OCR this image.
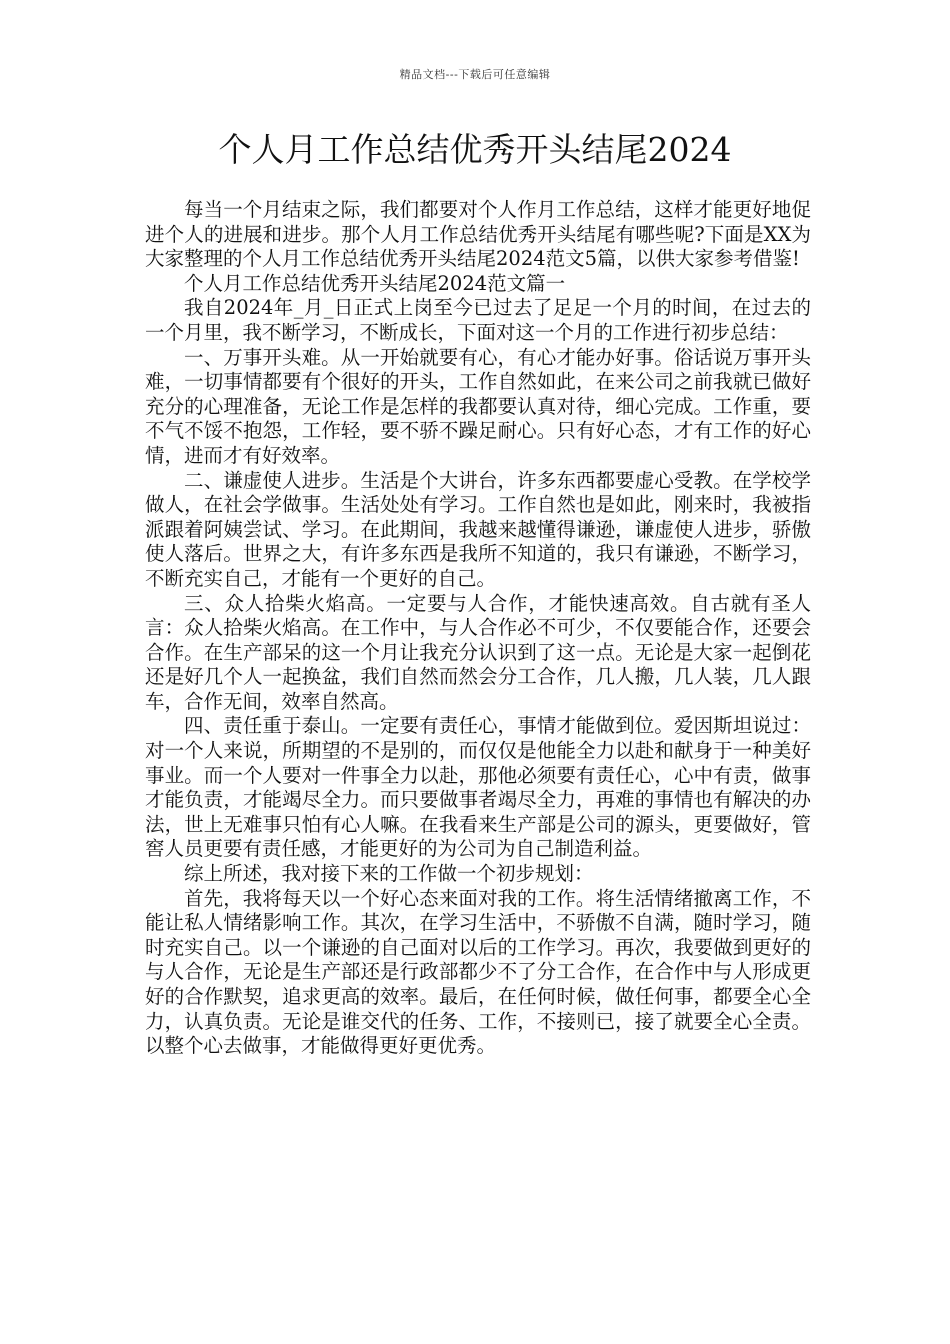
精品文档---下载后可任意编辑
个人月工作总结优秀开头结尾2024

每当一个月结束之际，我们都要对个人作月工作总结，这样才能更好地促进个人的进展和进步。那个人月工作总结优秀开头结尾有哪些呢?下面是XX为大家整理的个人月工作总结优秀开头结尾2024范文5篇，以供大家参考借鉴!

个人月工作总结优秀开头结尾2024范文篇一

我自2024年_月_日正式上岗至今已过去了足足一个月的时间，在过去的一个月里，我不断学习，不断成长，下面对这一个月的工作进行初步总结：

一、万事开头难。从一开始就要有心，有心才能办好事。俗话说万事开头难，一切事情都要有个很好的开头，工作自然如此，在来公司之前我就已做好充分的心理准备，无论工作是怎样的我都要认真对待，细心完成。工作重，要不气不馁不抱怨，工作轻，要不骄不躁足耐心。只有好心态，才有工作的好心情，进而才有好效率。

二、谦虚使人进步。生活是个大讲台，许多东西都要虚心受教。在学校学做人，在社会学做事。生活处处有学习。工作自然也是如此，刚来时，我被指派跟着阿姨尝试、学习。在此期间，我越来越懂得谦逊，谦虚使人进步，骄傲使人落后。世界之大，有许多东西是我所不知道的，我只有谦逊，不断学习，不断充实自己，才能有一个更好的自己。

三、众人拾柴火焰高。一定要与人合作，才能快速高效。自古就有圣人言：众人拾柴火焰高。在工作中，与人合作必不可少，不仅要能合作，还要会合作。在生产部呆的这一个月让我充分认识到了这一点。无论是大家一起倒花还是好几个人一起换盆，我们自然而然会分工合作，几人搬，几人装，几人跟车，合作无间，效率自然高。

四、责任重于泰山。一定要有责任心，事情才能做到位。爱因斯坦说过：对一个人来说，所期望的不是别的，而仅仅是他能全力以赴和献身于一种美好事业。而一个人要对一件事全力以赴，那他必须要有责任心，心中有责，做事才能负责，才能竭尽全力。而只要做事者竭尽全力，再难的事情也有解决的办法，世上无难事只怕有心人嘛。在我看来生产部是公司的源头，更要做好，管窖人员更要有责任感，才能更好的为公司为自己制造利益。

综上所述，我对接下来的工作做一个初步规划：

首先，我将每天以一个好心态来面对我的工作。将生活情绪撤离工作，不能让私人情绪影响工作。其次，在学习生活中，不骄傲不自满，随时学习，随时充实自己。以一个谦逊的自己面对以后的工作学习。再次，我要做到更好的与人合作，无论是生产部还是行政部都少不了分工合作，在合作中与人形成更好的合作默契，追求更高的效率。最后，在任何时候，做任何事，都要全心全力，认真负责。无论是谁交代的任务、工作，不接则已，接了就要全心全责。以整个心去做事，才能做得更好更优秀。
